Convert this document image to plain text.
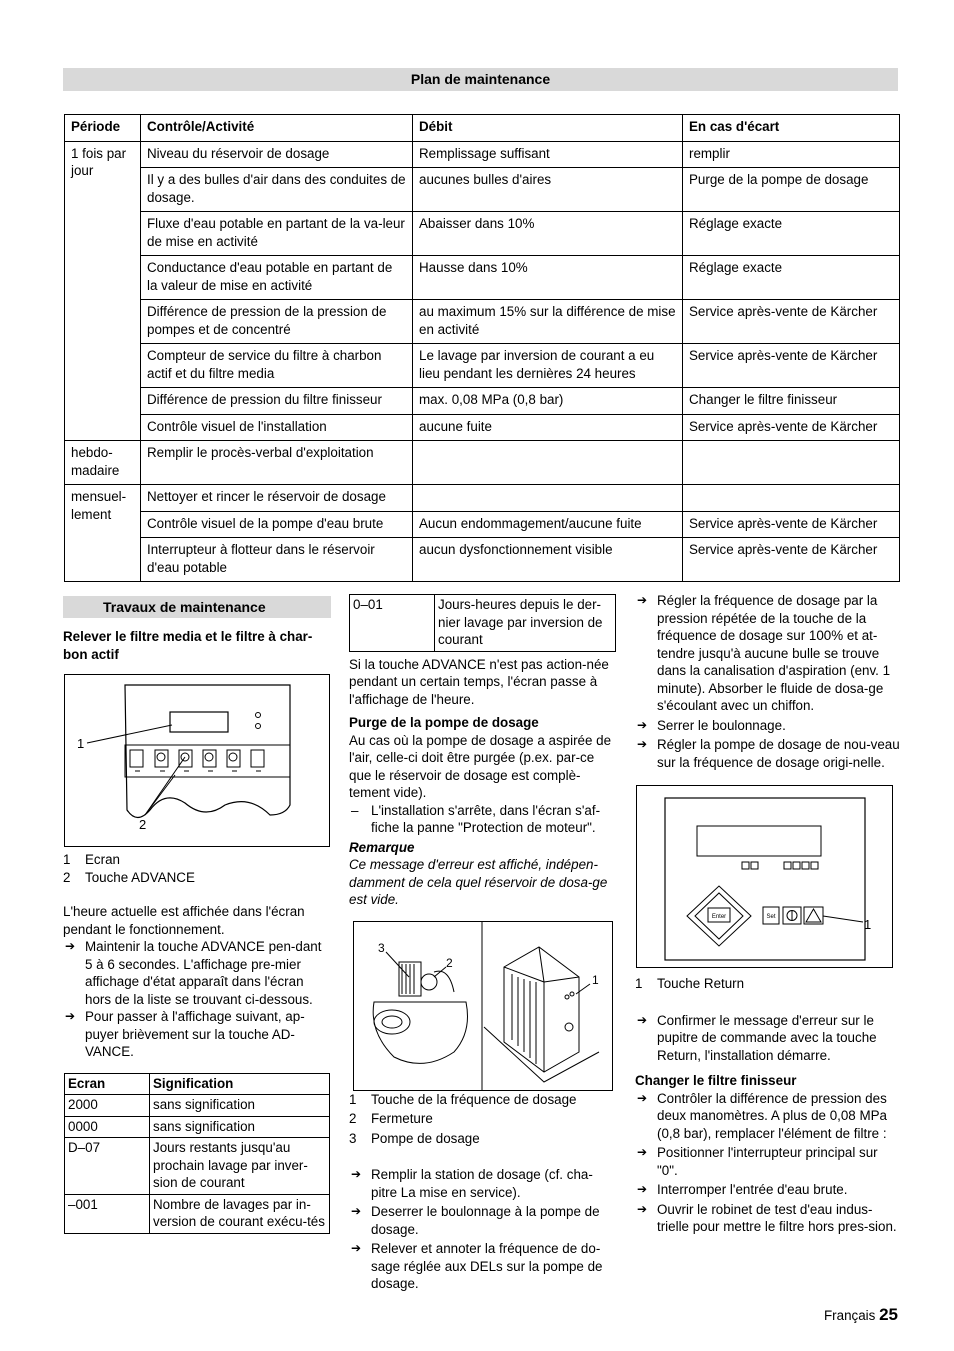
Plan de maintenance
Période	Contrôle/Activité	Débit	En cas d'écart
1 fois par jour	Niveau du réservoir de dosage	Remplissage suffisant	remplir
	Il y a des bulles d'air dans des conduites de dosage.	aucunes bulles d'aires	Purge de la pompe de dosage
	Fluxe d'eau potable en partant de la va-leur de mise en activité	Abaisser dans 10%	Réglage exacte
	Conductance d'eau potable en partant de la valeur de mise en activité	Hausse dans 10%	Réglage exacte
	Différence de pression de la pression de pompes et de concentré	au maximum 15% sur la différence de mise en activité	Service après-vente de Kärcher
	Compteur de service du filtre à charbon actif et du filtre media	Le lavage par inversion de courant a eu lieu pendant les dernières 24 heures	Service après-vente de Kärcher
	Différence de pression du filtre finisseur	max. 0,08 MPa (0,8 bar)	Changer le filtre finisseur
	Contrôle visuel de l'installation	aucune fuite	Service après-vente de Kärcher
hebdo-madaire	Remplir le procès-verbal d'exploitation		
mensuel-lement	Nettoyer et rincer le réservoir de dosage		
	Contrôle visuel de la pompe d'eau brute	Aucun endommagement/aucune fuite	Service après-vente de Kärcher
	Interrupteur à flotteur dans le réservoir d'eau potable	aucun dysfonctionnement visible	Service après-vente de Kärcher
Travaux de maintenance
Relever le filtre media et le filtre à char-bon actif
1
2
1 Ecran
2 Touche ADVANCE
L'heure actuelle est affichée dans l'écran pendant le fonctionnement.
➔ Maintenir la touche ADVANCE pen-dant 5 à 6 secondes. L'affichage pre-mier affichage d'état apparaît dans l'écran hors de la liste se trouvant ci-dessous.
➔ Pour passer à l'affichage suivant, ap-puyer brièvement sur la touche AD-VANCE.
Ecran	Signification
2000	sans signification
0000	sans signification
D–07	Jours restants jusqu'au prochain lavage par inver-sion de courant
–001	Nombre de lavages par in-version de courant exécu-tés
0–01	Jours-heures depuis le der-nier lavage par inversion de courant
Si la touche ADVANCE n'est pas action-née pendant un certain temps, l'écran passe à l'affichage de l'heure.
Purge de la pompe de dosage
Au cas où la pompe de dosage a aspirée de l'air, celle-ci doit être purgée (p.ex. par-ce que le réservoir de dosage est complè-tement vide).
– L'installation s'arrête, dans l'écran s'af-fiche la panne "Protection de moteur".
Remarque
Ce message d'erreur est affiché, indépen-damment de cela quel réservoir de dosa-ge est vide.
3
2
1
1 Touche de la fréquence de dosage
2 Fermeture
3 Pompe de dosage
➔ Remplir la station de dosage (cf. cha-pitre La mise en service).
➔ Deserrer le boulonnage à la pompe de dosage.
➔ Relever et annoter la fréquence de do-sage réglée aux DELs sur la pompe de dosage.
➔ Régler la fréquence de dosage par la pression répétée de la touche de la fréquence de dosage sur 100% et at-tendre jusqu'à aucune bulle se trouve dans la canalisation d'aspiration (env. 1 minute). Absorber le fluide de dosa-ge s'écoulant avec un chiffon.
➔ Serrer le boulonnage.
➔ Régler la pompe de dosage de nou-veau sur la fréquence de dosage origi-nelle.
Enter	Set	1
1 Touche Return
➔ Confirmer le message d'erreur sur le pupitre de commande avec la touche Return, l'installation démarre.
Changer le filtre finisseur
➔ Contrôler la différence de pression des deux manomètres. A plus de 0,08 MPa (0,8 bar), remplacer l'élément de filtre :
➔ Positionner l'interrupteur principal sur "0".
➔ Interromper l'entrée d'eau brute.
➔ Ouvrir le robinet de test d'eau indus-trielle pour mettre le filtre hors pres-sion.
Français 25
